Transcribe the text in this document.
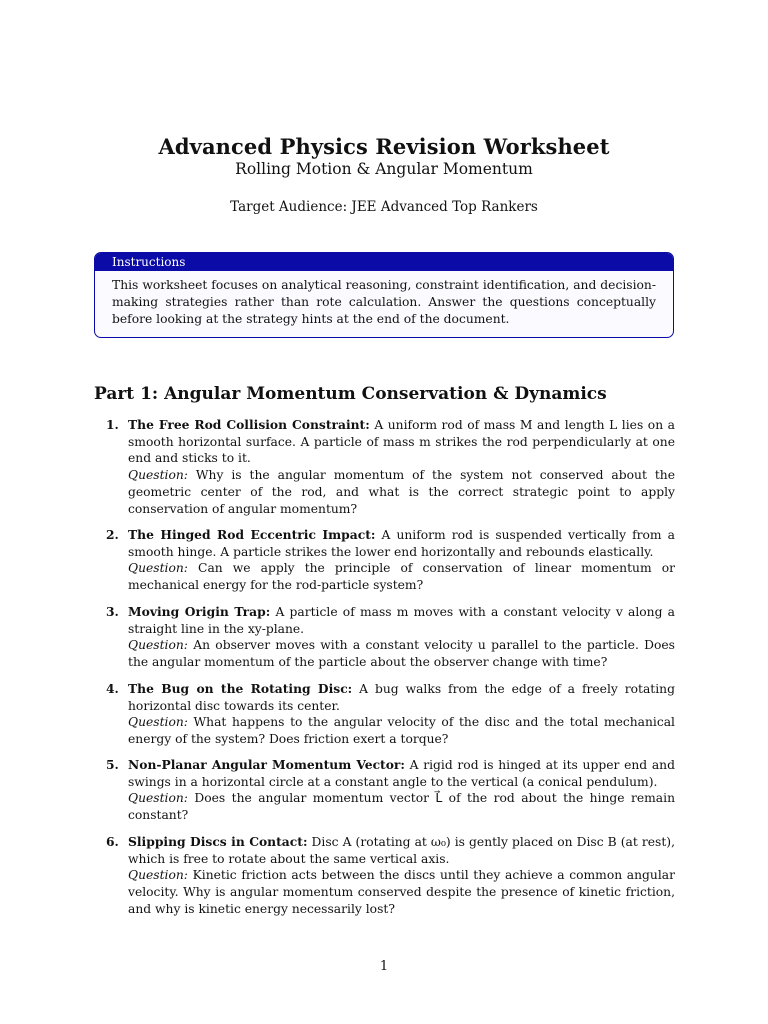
Advanced Physics Revision Worksheet
Rolling Motion & Angular Momentum
Target Audience: JEE Advanced Top Rankers
Instructions
This worksheet focuses on analytical reasoning, constraint identification, and decision-making strategies rather than rote calculation. Answer the questions conceptually before looking at the strategy hints at the end of the document.
Part 1: Angular Momentum Conservation & Dynamics
1. The Free Rod Collision Constraint: A uniform rod of mass M and length L lies on a smooth horizontal surface. A particle of mass m strikes the rod perpendicularly at one end and sticks to it.
Question: Why is the angular momentum of the system not conserved about the geometric center of the rod, and what is the correct strategic point to apply conservation of angular momentum?
2. The Hinged Rod Eccentric Impact: A uniform rod is suspended vertically from a smooth hinge. A particle strikes the lower end horizontally and rebounds elastically.
Question: Can we apply the principle of conservation of linear momentum or mechanical energy for the rod-particle system?
3. Moving Origin Trap: A particle of mass m moves with a constant velocity v along a straight line in the xy-plane.
Question: An observer moves with a constant velocity u parallel to the particle. Does the angular momentum of the particle about the observer change with time?
4. The Bug on the Rotating Disc: A bug walks from the edge of a freely rotating horizontal disc towards its center.
Question: What happens to the angular velocity of the disc and the total mechanical energy of the system? Does friction exert a torque?
5. Non-Planar Angular Momentum Vector: A rigid rod is hinged at its upper end and swings in a horizontal circle at a constant angle to the vertical (a conical pendulum).
Question: Does the angular momentum vector L⃗ of the rod about the hinge remain constant?
6. Slipping Discs in Contact: Disc A (rotating at ω₀) is gently placed on Disc B (at rest), which is free to rotate about the same vertical axis.
Question: Kinetic friction acts between the discs until they achieve a common angular velocity. Why is angular momentum conserved despite the presence of kinetic friction, and why is kinetic energy necessarily lost?
1
